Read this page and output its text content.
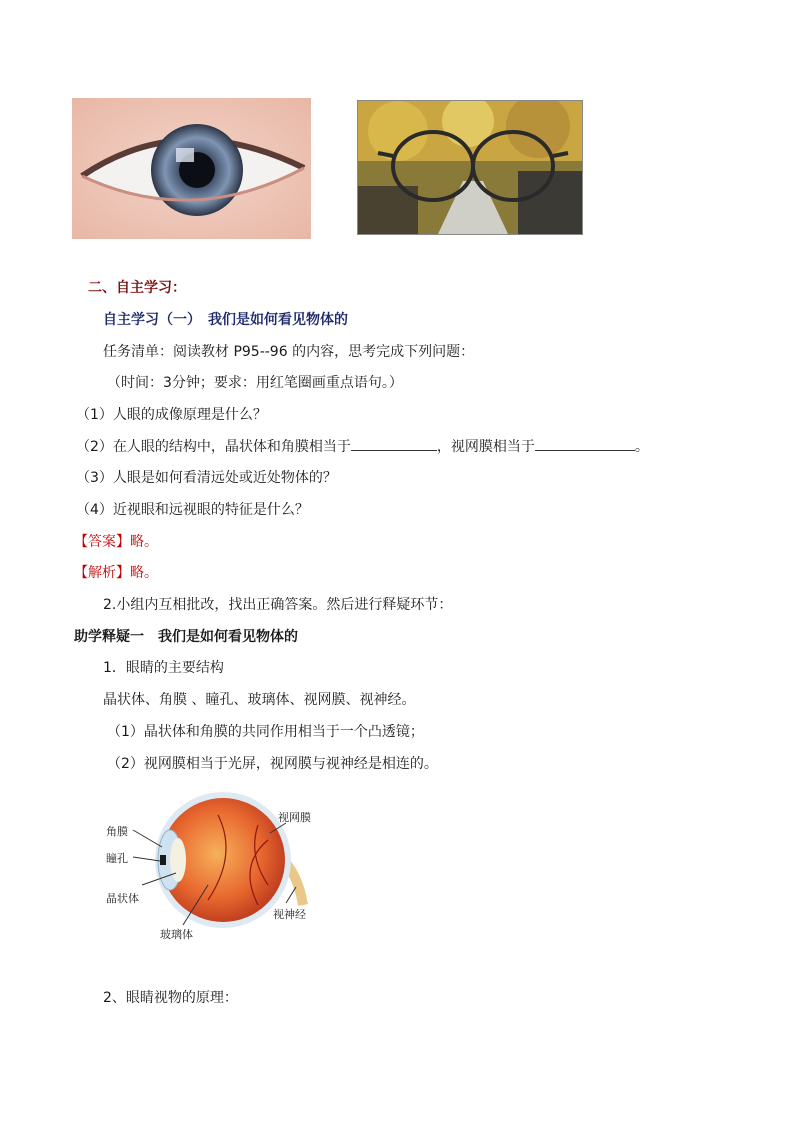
二、自主学习：
自主学习（一）　我们是如何看见物体的
任务清单：阅读教材 P95--96 的内容，思考完成下列问题：
（时间：3分钟；要求：用红笔圈画重点语句。）
（1）人眼的成像原理是什么？
（2）在人眼的结构中，晶状体和角膜相当于	，视网膜相当于	。
（3）人眼是如何看清远处或近处物体的？
（4）近视眼和远视眼的特征是什么？
【答案】略。
【解析】略。
2.小组内互相批改，找出正确答案。然后进行释疑环节：
助学释疑一　我们是如何看见物体的
1．眼睛的主要结构
晶状体、角膜 、瞳孔、玻璃体、视网膜、视神经。
（1）晶状体和角膜的共同作用相当于一个凸透镜；
（2）视网膜相当于光屏，视网膜与视神经是相连的。
角膜
瞳孔
晶状体
玻璃体
视网膜
视神经
2、眼睛视物的原理：
